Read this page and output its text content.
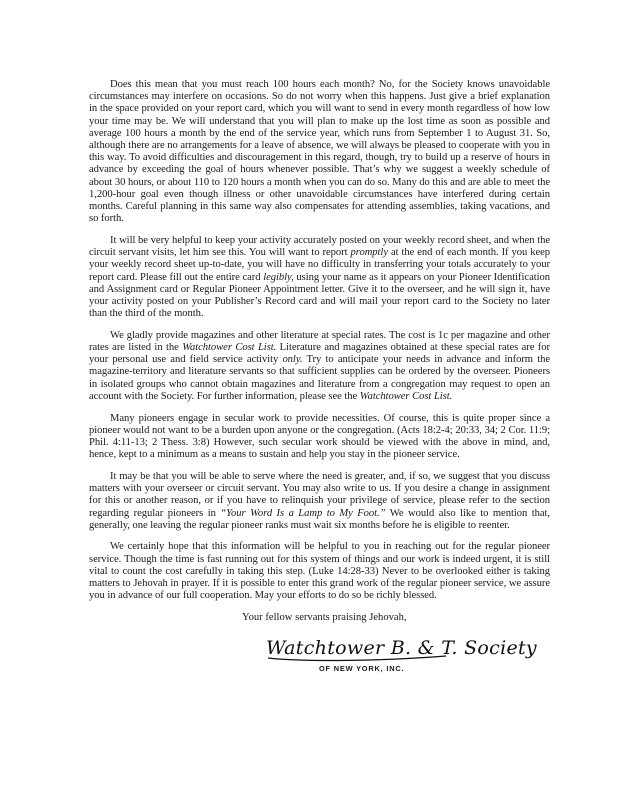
Does this mean that you must reach 100 hours each month? No, for the Society knows unavoidable circumstances may interfere on occasions. So do not worry when this happens. Just give a brief explanation in the space provided on your report card, which you will want to send in every month regardless of how low your time may be. We will understand that you will plan to make up the lost time as soon as possible and average 100 hours a month by the end of the service year, which runs from September 1 to August 31. So, although there are no arrangements for a leave of absence, we will always be pleased to cooperate with you in this way. To avoid difficulties and discouragement in this regard, though, try to build up a reserve of hours in advance by exceeding the goal of hours whenever possible. That’s why we suggest a weekly schedule of about 30 hours, or about 110 to 120 hours a month when you can do so. Many do this and are able to meet the 1,200-hour goal even though illness or other unavoidable circumstances have interfered during certain months. Careful planning in this same way also compensates for attending assemblies, taking vacations, and so forth.

It will be very helpful to keep your activity accurately posted on your weekly record sheet, and when the circuit servant visits, let him see this. You will want to report promptly at the end of each month. If you keep your weekly record sheet up-to-date, you will have no difficulty in transferring your totals accurately to your report card. Please fill out the entire card legibly, using your name as it appears on your Pioneer Identification and Assignment card or Regular Pioneer Appointment letter. Give it to the overseer, and he will sign it, have your activity posted on your Publisher’s Record card and will mail your report card to the Society no later than the third of the month.

We gladly provide magazines and other literature at special rates. The cost is 1c per magazine and other rates are listed in the Watchtower Cost List. Literature and magazines obtained at these special rates are for your personal use and field service activity only. Try to anticipate your needs in advance and inform the magazine-territory and literature servants so that sufficient supplies can be ordered by the overseer. Pioneers in isolated groups who cannot obtain magazines and literature from a congregation may request to open an account with the Society. For further information, please see the Watchtower Cost List.

Many pioneers engage in secular work to provide necessities. Of course, this is quite proper since a pioneer would not want to be a burden upon anyone or the congregation. (Acts 18:2-4; 20:33, 34; 2 Cor. 11:9; Phil. 4:11-13; 2 Thess. 3:8) However, such secular work should be viewed with the above in mind, and, hence, kept to a minimum as a means to sustain and help you stay in the pioneer service.

It may be that you will be able to serve where the need is greater, and, if so, we suggest that you discuss matters with your overseer or circuit servant. You may also write to us. If you desire a change in assignment for this or another reason, or if you have to relinquish your privilege of service, please refer to the section regarding regular pioneers in “Your Word Is a Lamp to My Foot.” We would also like to mention that, generally, one leaving the regular pioneer ranks must wait six months before he is eligible to reenter.

We certainly hope that this information will be helpful to you in reaching out for the regular pioneer service. Though the time is fast running out for this system of things and our work is indeed urgent, it is still vital to count the cost carefully in taking this step. (Luke 14:28-33) Never to be overlooked either is taking matters to Jehovah in prayer. If it is possible to enter this grand work of the regular pioneer service, we assure you in advance of our full cooperation. May your efforts to do so be richly blessed.

Your fellow servants praising Jehovah,

Watchtower B. & T. Society

OF NEW YORK, INC.
